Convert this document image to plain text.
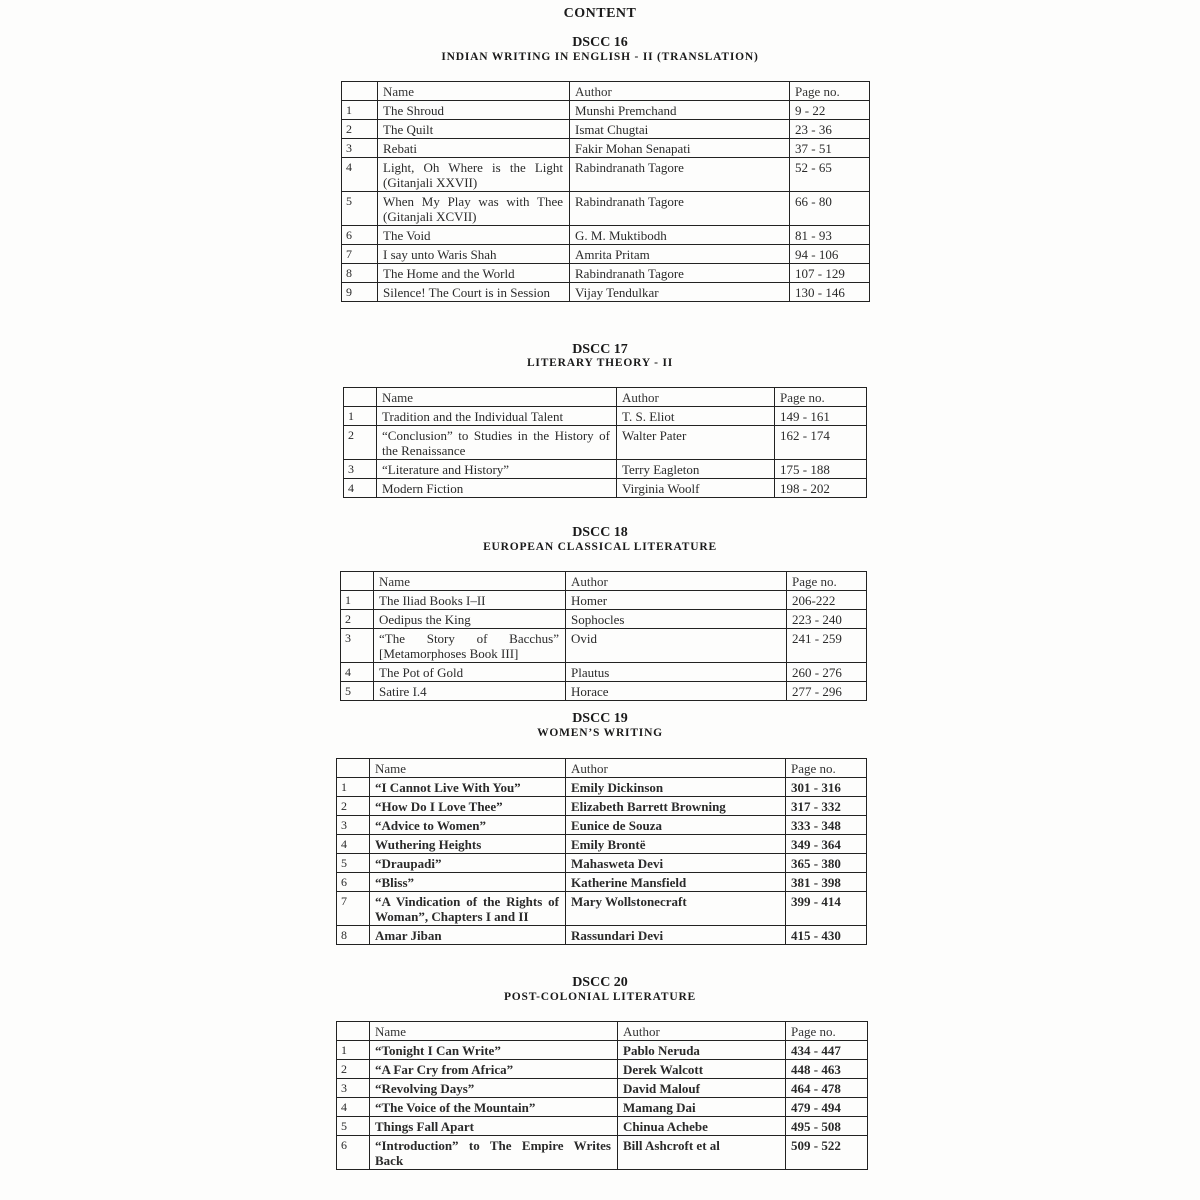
CONTENT
DSCC 16
INDIAN WRITING IN ENGLISH - II (TRANSLATION)
	Name	Author	Page no.
1	The Shroud	Munshi Premchand	9 - 22
2	The Quilt	Ismat Chugtai	23 - 36
3	Rebati	Fakir Mohan Senapati	37 - 51
4	Light, Oh Where is the Light (Gitanjali XXVII)	Rabindranath Tagore	52 - 65
5	When My Play was with Thee (Gitanjali XCVII)	Rabindranath Tagore	66 - 80
6	The Void	G. M. Muktibodh	81 - 93
7	I say unto Waris Shah	Amrita Pritam	94 - 106
8	The Home and the World	Rabindranath Tagore	107 - 129
9	Silence! The Court is in Session	Vijay Tendulkar	130 - 146
DSCC 17
LITERARY THEORY - II
	Name	Author	Page no.
1	Tradition and the Individual Talent	T. S. Eliot	149 - 161
2	“Conclusion” to Studies in the History of the Renaissance	Walter Pater	162 - 174
3	“Literature and History”	Terry Eagleton	175 - 188
4	Modern Fiction	Virginia Woolf	198 - 202
DSCC 18
EUROPEAN CLASSICAL LITERATURE
	Name	Author	Page no.
1	The Iliad Books I–II	Homer	206-222
2	Oedipus the King	Sophocles	223 - 240
3	“The Story of Bacchus” [Metamorphoses Book III]	Ovid	241 - 259
4	The Pot of Gold	Plautus	260 - 276
5	Satire I.4	Horace	277 - 296
DSCC 19
WOMEN’S WRITING
	Name	Author	Page no.
1	“I Cannot Live With You”	Emily Dickinson	301 - 316
2	“How Do I Love Thee”	Elizabeth Barrett Browning	317 - 332
3	“Advice to Women”	Eunice de Souza	333 - 348
4	Wuthering Heights	Emily Brontë	349 - 364
5	“Draupadi”	Mahasweta Devi	365 - 380
6	“Bliss”	Katherine Mansfield	381 - 398
7	“A Vindication of the Rights of Woman”, Chapters I and II	Mary Wollstonecraft	399 - 414
8	Amar Jiban	Rassundari Devi	415 - 430
DSCC 20
POST-COLONIAL LITERATURE
	Name	Author	Page no.
1	“Tonight I Can Write”	Pablo Neruda	434 - 447
2	“A Far Cry from Africa”	Derek Walcott	448 - 463
3	“Revolving Days”	David Malouf	464 - 478
4	“The Voice of the Mountain”	Mamang Dai	479 - 494
5	Things Fall Apart	Chinua Achebe	495 - 508
6	“Introduction” to The Empire Writes Back	Bill Ashcroft et al	509 - 522
